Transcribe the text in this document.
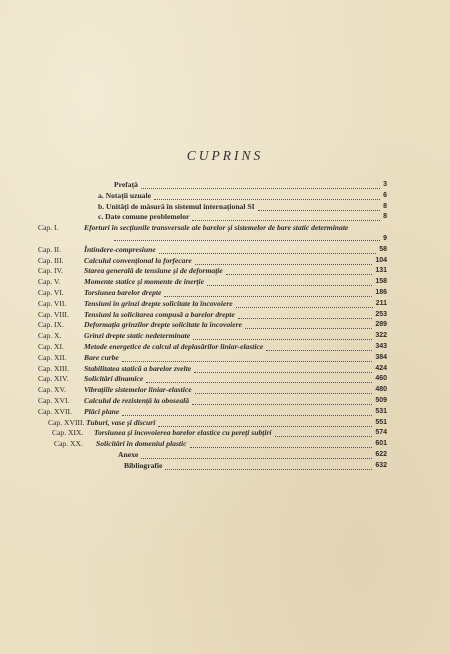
CUPRINS
Prefață	3
a. Notații uzuale	6
b. Unități de măsură în sistemul internațional SI	8
c. Date comune problemelor	8
Cap. I.	Eforturi în secțiunile transversale ale barelor și sistemelor de bare static determinate
9
Cap. II.	Întindere-compresiune	58
Cap. III.	Calculul convențional la forfecare	104
Cap. IV.	Starea generală de tensiune și de deformație	131
Cap. V.	Momente statice și momente de inerție	158
Cap. VI.	Torsiunea barelor drepte	186
Cap. VII. Tensiuni în grinzi drepte solicitate la încovoiere	211
Cap. VIII. Tensiuni la solicitarea compusă a barelor drepte	253
Cap. IX.	Deformația grinzilor drepte solicitate la încovoiere	289
Cap. X.	Grinzi drepte static nedeterminate	322
Cap. XI.	Metode energetice de calcul al deplasărilor liniar-elastice	343
Cap. XII. Bare curbe	384
Cap. XIII. Stabilitatea statică a barelor zvelte	424
Cap. XIV. Solicitări dinamice	460
Cap. XV. Vibrațiile sistemelor liniar-elastice	480
Cap. XVI. Calculul de rezistență la oboseală	509
Cap. XVII. Plăci plane	531
Cap. XVIII. Tuburi, vase și discuri	551
Cap. XIX. Torsiunea și încovoierea barelor elastice cu pereți subțiri	574
Cap. XX. Solicitări în domeniul plastic	601
Anexe	622
Bibliografie	632
